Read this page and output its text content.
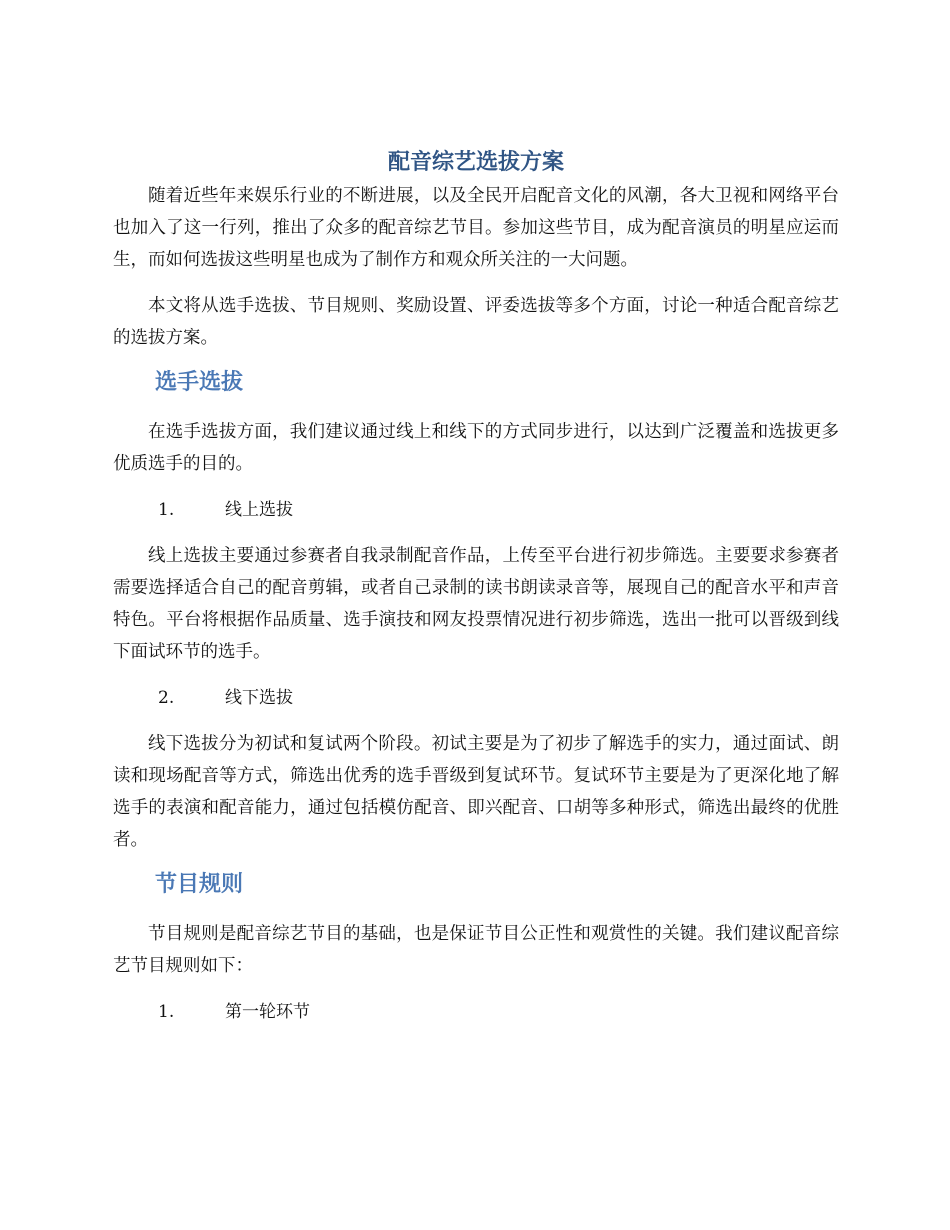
配音综艺选拔方案

随着近些年来娱乐行业的不断进展，以及全民开启配音文化的风潮，各大卫视和网络平台也加入了这一行列，推出了众多的配音综艺节目。参加这些节目，成为配音演员的明星应运而生，而如何选拔这些明星也成为了制作方和观众所关注的一大问题。

本文将从选手选拔、节目规则、奖励设置、评委选拔等多个方面，讨论一种适合配音综艺的选拔方案。

选手选拔

在选手选拔方面，我们建议通过线上和线下的方式同步进行，以达到广泛覆盖和选拔更多优质选手的目的。

1.	线上选拔

线上选拔主要通过参赛者自我录制配音作品，上传至平台进行初步筛选。主要要求参赛者需要选择适合自己的配音剪辑，或者自己录制的读书朗读录音等，展现自己的配音水平和声音特色。平台将根据作品质量、选手演技和网友投票情况进行初步筛选，选出一批可以晋级到线下面试环节的选手。

2.	线下选拔

线下选拔分为初试和复试两个阶段。初试主要是为了初步了解选手的实力，通过面试、朗读和现场配音等方式，筛选出优秀的选手晋级到复试环节。复试环节主要是为了更深化地了解选手的表演和配音能力，通过包括模仿配音、即兴配音、口胡等多种形式，筛选出最终的优胜者。

节目规则

节目规则是配音综艺节目的基础，也是保证节目公正性和观赏性的关键。我们建议配音综艺节目规则如下：

1.	第一轮环节
